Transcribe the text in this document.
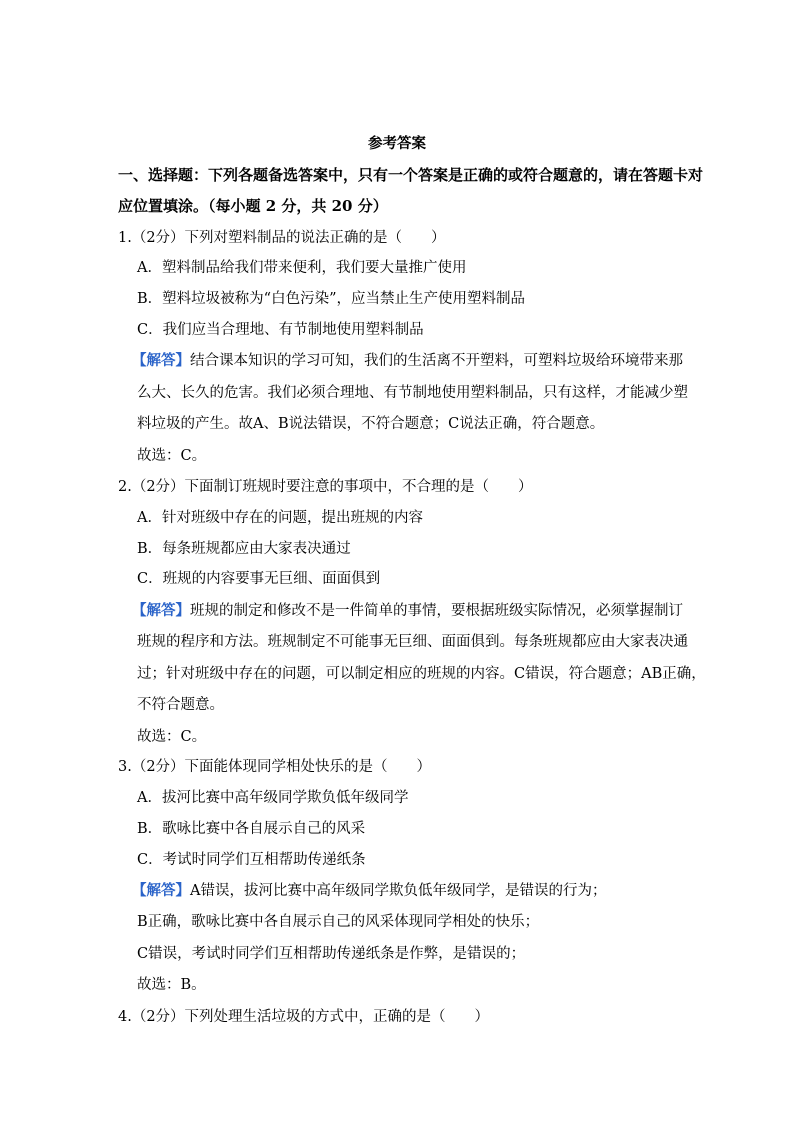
参考答案
一、选择题：下列各题备选答案中，只有一个答案是正确的或符合题意的，请在答题卡对
应位置填涂。（每小题 2 分，共 20 分）
1.（2分）下列对塑料制品的说法正确的是（　　）
A．塑料制品给我们带来便利，我们要大量推广使用
B．塑料垃圾被称为“白色污染”，应当禁止生产使用塑料制品
C．我们应当合理地、有节制地使用塑料制品
【解答】结合课本知识的学习可知，我们的生活离不开塑料，可塑料垃圾给环境带来那
么大、长久的危害。我们必须合理地、有节制地使用塑料制品，只有这样，才能减少塑
料垃圾的产生。故A、B说法错误，不符合题意；C说法正确，符合题意。
故选：C。
2.（2分）下面制订班规时要注意的事项中，不合理的是（　　）
A．针对班级中存在的问题，提出班规的内容
B．每条班规都应由大家表决通过
C．班规的内容要事无巨细、面面俱到
【解答】班规的制定和修改不是一件简单的事情，要根据班级实际情况，必须掌握制订
班规的程序和方法。班规制定不可能事无巨细、面面俱到。每条班规都应由大家表决通
过；针对班级中存在的问题，可以制定相应的班规的内容。C错误，符合题意；AB正确，
不符合题意。
故选：C。
3.（2分）下面能体现同学相处快乐的是（　　）
A．拔河比赛中高年级同学欺负低年级同学
B．歌咏比赛中各自展示自己的风采
C．考试时同学们互相帮助传递纸条
【解答】A错误，拔河比赛中高年级同学欺负低年级同学，是错误的行为；
B正确，歌咏比赛中各自展示自己的风采体现同学相处的快乐；
C错误，考试时同学们互相帮助传递纸条是作弊，是错误的；
故选：B。
4.（2分）下列处理生活垃圾的方式中，正确的是（　　）
